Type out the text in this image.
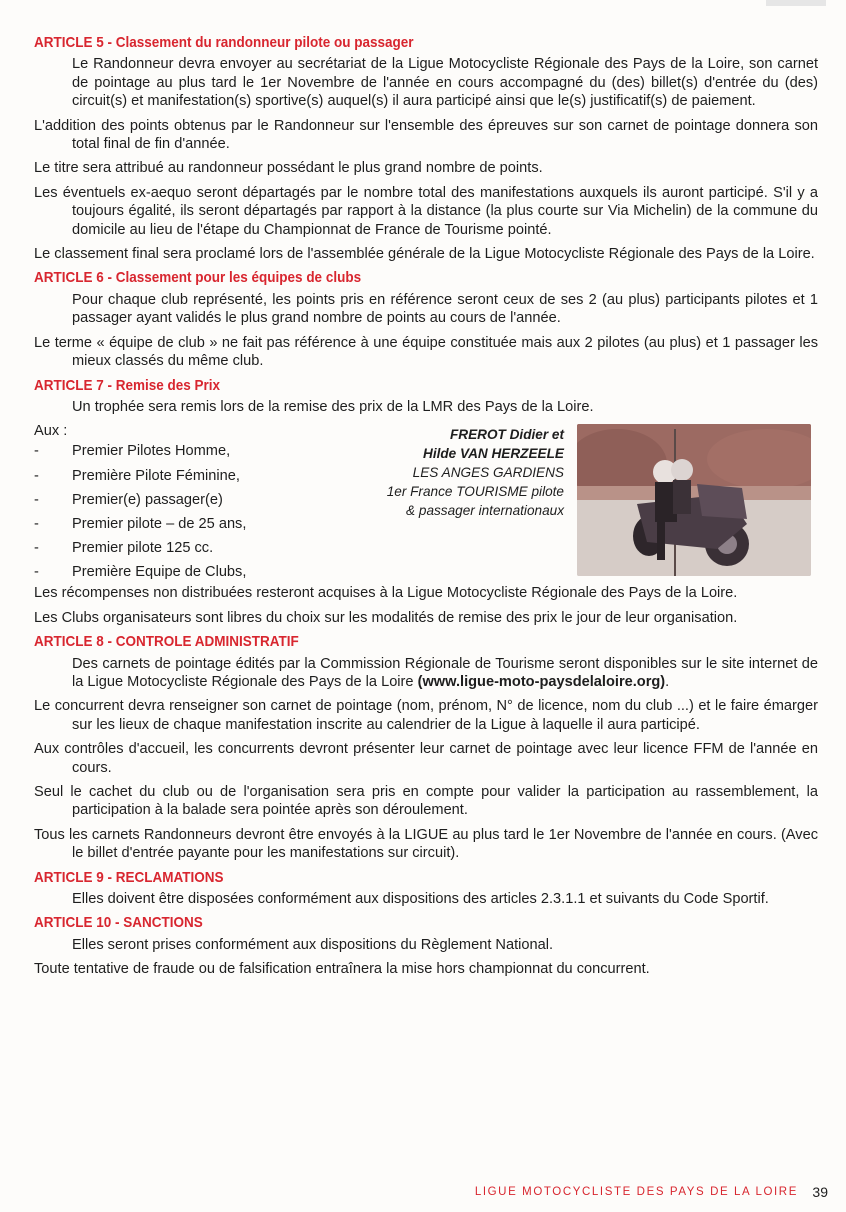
ARTICLE 5 - Classement du randonneur pilote ou passager

Le Randonneur devra envoyer au secrétariat de la Ligue Motocycliste Régionale des Pays de la Loire, son carnet de pointage au plus tard le 1er Novembre de l'année en cours accompagné du (des) billet(s) d'entrée du (des) circuit(s) et manifestation(s) sportive(s) auquel(s) il aura participé ainsi que le(s) justificatif(s) de paiement.

L'addition des points obtenus par le Randonneur sur l'ensemble des épreuves sur son carnet de pointage donnera son total final de fin d'année.

Le titre sera attribué au randonneur possédant le plus grand nombre de points.

Les éventuels ex-aequo seront départagés par le nombre total des manifestations auxquels ils auront participé. S'il y a toujours égalité, ils seront départagés par rapport à la distance (la plus courte sur Via Michelin) de la commune du domicile au lieu de l'étape du Championnat de France de Tourisme pointé.

Le classement final sera proclamé lors de l'assemblée générale de la Ligue Motocycliste Régionale des Pays de la Loire.

ARTICLE 6 - Classement pour les équipes de clubs

Pour chaque club représenté, les points pris en référence seront ceux de ses 2 (au plus) participants pilotes et 1 passager ayant validés le plus grand nombre de points au cours de l'année.

Le terme « équipe de club » ne fait pas référence à une équipe constituée mais aux 2 pilotes (au plus) et 1 passager les mieux classés du même club.

ARTICLE 7 - Remise des Prix

Un trophée sera remis lors de la remise des prix de la LMR des Pays de la Loire.

Aux :
-	Premier Pilotes Homme,
-	Première Pilote Féminine,
-	Premier(e) passager(e)
-	Premier pilote – de 25 ans,
-	Premier pilote 125 cc.
-	Première Equipe de Clubs,
FREROT Didier et
Hilde VAN HERZEELE
LES ANGES GARDIENS
1er France TOURISME pilote
& passager internationaux

Les récompenses non distribuées resteront acquises à la Ligue Motocycliste Régionale des Pays de la Loire.

Les Clubs organisateurs sont libres du choix sur les modalités de remise des prix le jour de leur organisation.

ARTICLE 8 - CONTROLE ADMINISTRATIF

Des carnets de pointage édités par la Commission Régionale de Tourisme seront disponibles sur le site internet de la Ligue Motocycliste Régionale des Pays de la Loire (www.ligue-moto-paysdelaloire.org).

Le concurrent devra renseigner son carnet de pointage (nom, prénom, N° de licence, nom du club ...) et le faire émarger sur les lieux de chaque manifestation inscrite au calendrier de la Ligue à laquelle il aura participé.

Aux contrôles d'accueil, les concurrents devront présenter leur carnet de pointage avec leur licence FFM de l'année en cours.

Seul le cachet du club ou de l'organisation sera pris en compte pour valider la participation au rassemblement, la participation à la balade sera pointée après son déroulement.

Tous les carnets Randonneurs devront être envoyés à la LIGUE au plus tard le 1er Novembre de l'année en cours. (Avec le billet d'entrée payante pour les manifestations sur circuit).

ARTICLE 9 - RECLAMATIONS

Elles doivent être disposées conformément aux dispositions des articles 2.3.1.1 et suivants du Code Sportif.

ARTICLE 10 - SANCTIONS

Elles seront prises conformément aux dispositions du Règlement National.

Toute tentative de fraude ou de falsification entraînera la mise hors championnat du concurrent.

LIGUE MOTOCYCLISTE DES PAYS DE LA LOIRE 39
